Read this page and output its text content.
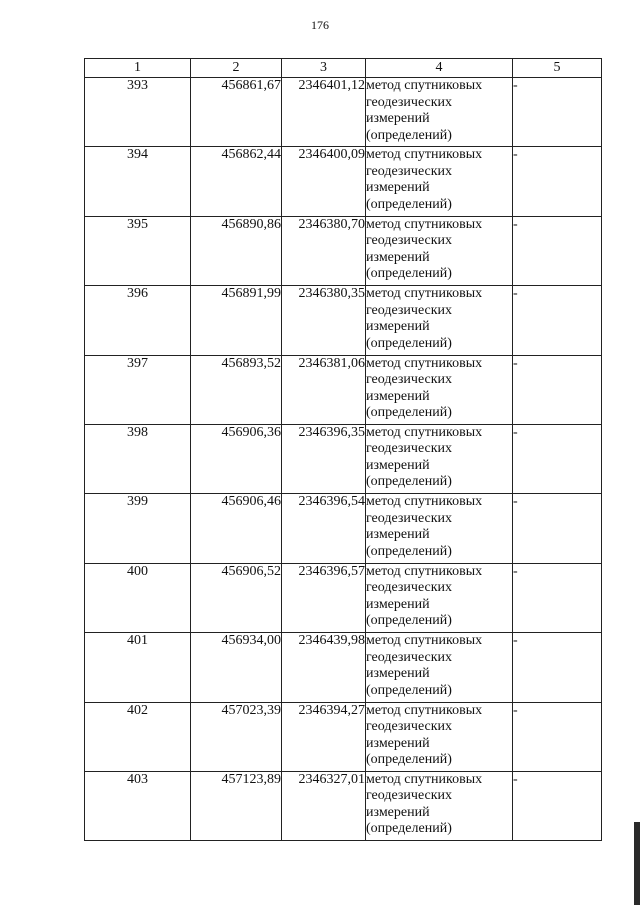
176
1	2	3	4	5
393	456861,67	2346401,12	метод спутниковых геодезических измерений (определений)	-
394	456862,44	2346400,09	метод спутниковых геодезических измерений (определений)	-
395	456890,86	2346380,70	метод спутниковых геодезических измерений (определений)	-
396	456891,99	2346380,35	метод спутниковых геодезических измерений (определений)	-
397	456893,52	2346381,06	метод спутниковых геодезических измерений (определений)	-
398	456906,36	2346396,35	метод спутниковых геодезических измерений (определений)	-
399	456906,46	2346396,54	метод спутниковых геодезических измерений (определений)	-
400	456906,52	2346396,57	метод спутниковых геодезических измерений (определений)	-
401	456934,00	2346439,98	метод спутниковых геодезических измерений (определений)	-
402	457023,39	2346394,27	метод спутниковых геодезических измерений (определений)	-
403	457123,89	2346327,01	метод спутниковых геодезических измерений (определений)	-
